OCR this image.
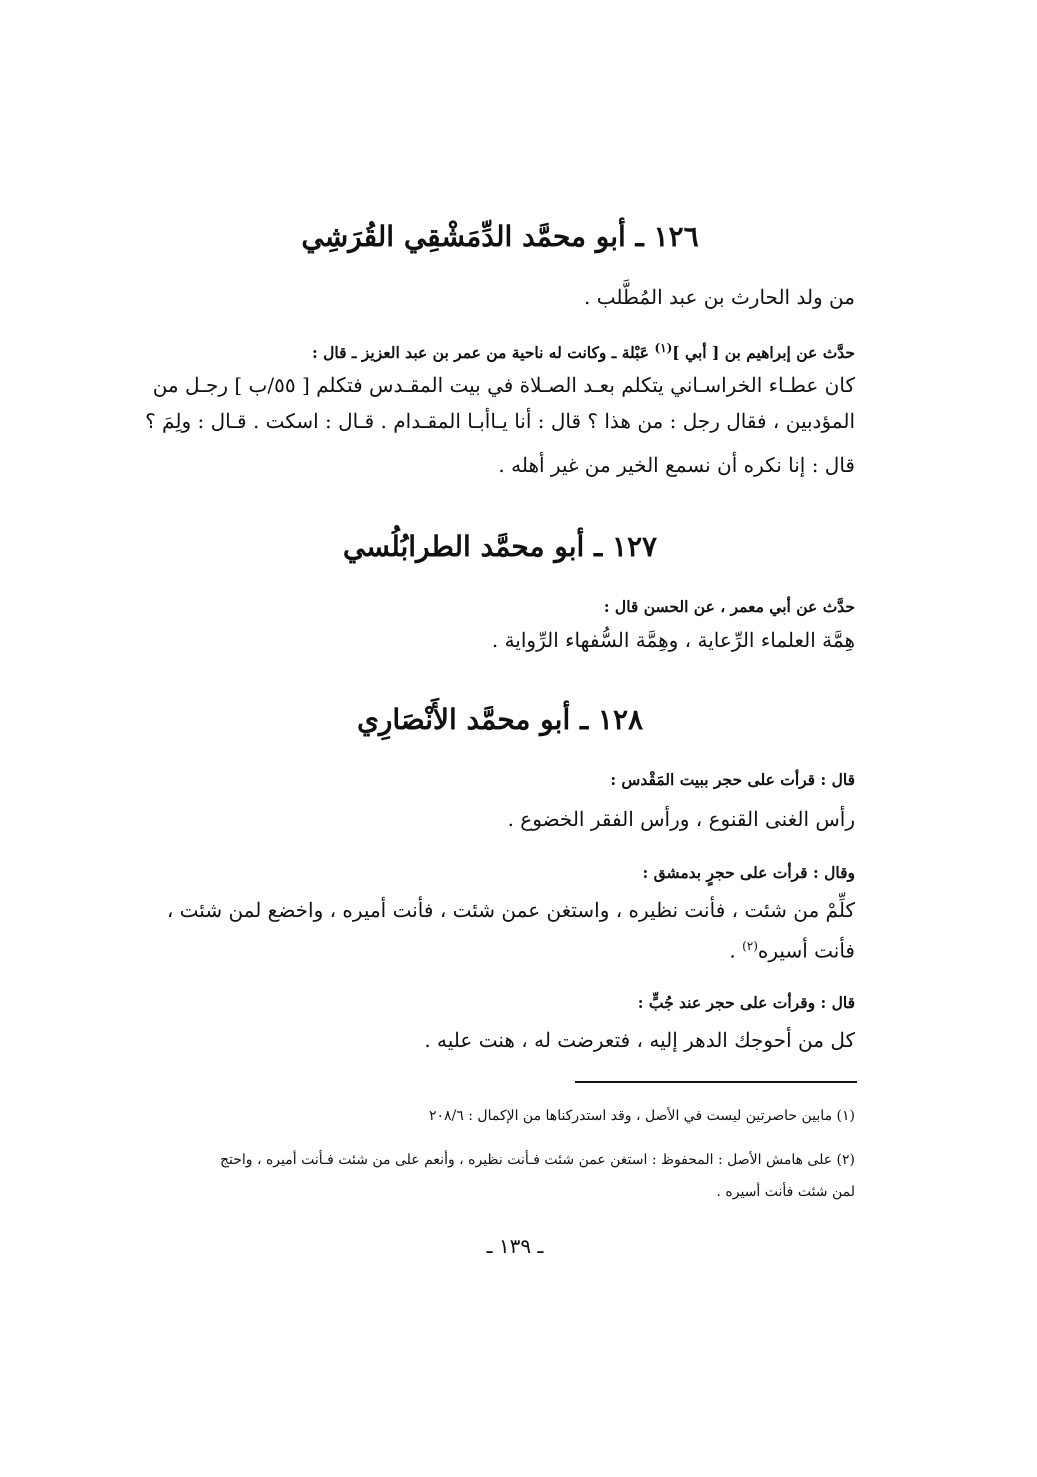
١٢٦ ـ أبو محمَّد الدِّمَشْقِي القُرَشِي
من ولد الحارث بن عبد المُطَّلب .
حدَّث عن إبراهيم بن [ أبي ]$^{(١)}$ عَبْلة ـ وكانت له ناحية من عمر بن عبد العزيز ـ قال :
كان عطـاء الخراسـاني يتكلم بعـد الصـلاة في بيت المقـدس فتكلم [ ٥٥/ب ] رجـل من
المؤدبين ، فقال رجل : من هذا ؟ قال : أنا يـاأبـا المقـدام . قـال : اسكت . قـال : ولِمَ ؟
قال : إنا نكره أن نسمع الخير من غير أهله .
١٢٧ ـ أبو محمَّد الطرابُلُسي
حدَّث عن أبي معمر ، عن الحسن قال :
هِمَّة العلماء الرِّعاية ، وهِمَّة السُّفهاء الرِّواية .
١٢٨ ـ أبو محمَّد الأَنْصَارِي
قال : قرأت على حجر ببيت المَقْدس :
رأس الغنى القنوع ، ورأس الفقر الخضوع .
وقال : قرأت على حجرٍ بدمشق :
كلِّمْ من شئت ، فأنت نظيره ، واستغن عمن شئت ، فأنت أميره ، واخضع لمن شئت ،
فأنت أسيره$^{(٢)}$ .
قال : وقرأت على حجر عند جُبٍّ :
كل من أحوجك الدهر إليه ، فتعرضت له ، هنت عليه .
(١) مابين حاصرتين ليست في الأصل ، وقد استدركناها من الإكمال : ٢٠٨/٦
(٢) على هامش الأصل : المحفوظ : استغن عمن شئت فـأنت نظيره ، وأنعم على من شئت فـأنت أميره ، واحتج
لمن شئت فأنت أسيره .
ـ ١٣٩ ـ
